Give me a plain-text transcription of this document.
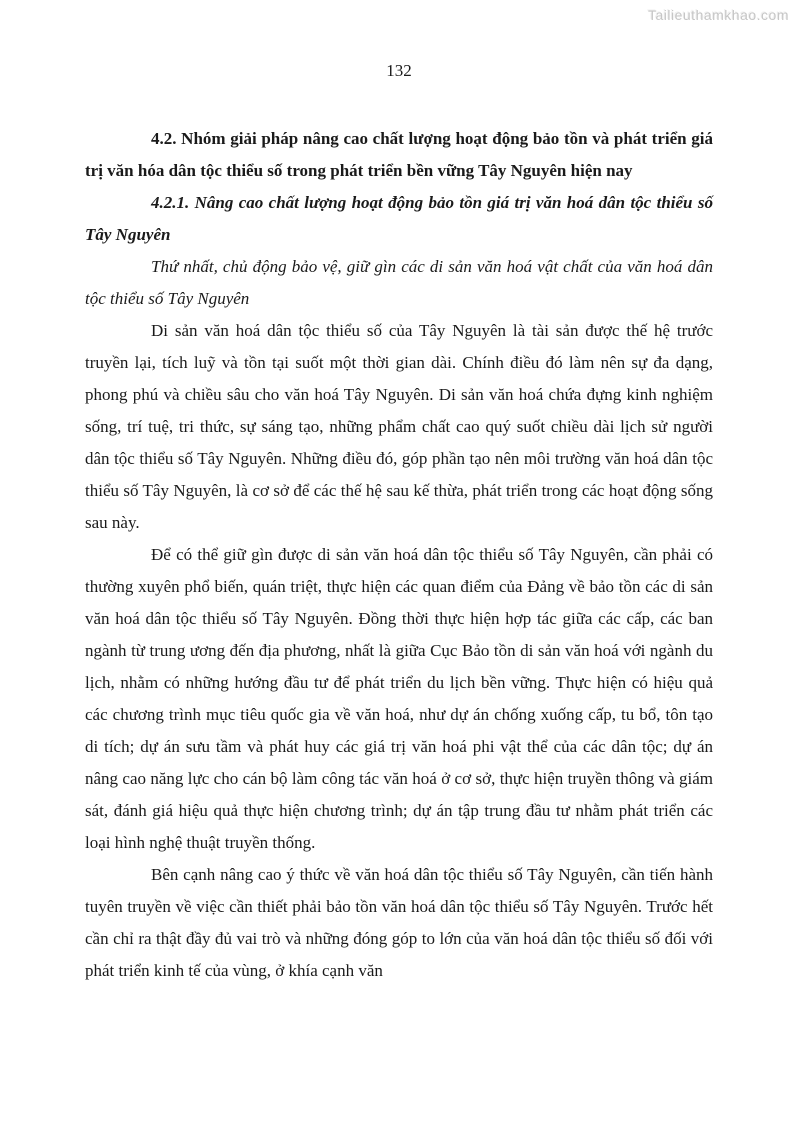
Tailieuthamkhao.com
132

4.2. Nhóm giải pháp nâng cao chất lượng hoạt động bảo tồn và phát triển giá trị văn hóa dân tộc thiểu số trong phát triển bền vững Tây Nguyên hiện nay

4.2.1. Nâng cao chất lượng hoạt động bảo tồn giá trị văn hoá dân tộc thiểu số Tây Nguyên

Thứ nhất, chủ động bảo vệ, giữ gìn các di sản văn hoá vật chất của văn hoá dân tộc thiểu số Tây Nguyên

Di sản văn hoá dân tộc thiểu số của Tây Nguyên là tài sản được thế hệ trước truyền lại, tích luỹ và tồn tại suốt một thời gian dài. Chính điều đó làm nên sự đa dạng, phong phú và chiều sâu cho văn hoá Tây Nguyên. Di sản văn hoá chứa đựng kinh nghiệm sống, trí tuệ, tri thức, sự sáng tạo, những phẩm chất cao quý suốt chiều dài lịch sử người dân tộc thiểu số Tây Nguyên. Những điều đó, góp phần tạo nên môi trường văn hoá dân tộc thiểu số Tây Nguyên, là cơ sở để các thế hệ sau kế thừa, phát triển trong các hoạt động sống sau này.

Để có thể giữ gìn được di sản văn hoá dân tộc thiểu số Tây Nguyên, cần phải có thường xuyên phổ biến, quán triệt, thực hiện các quan điểm của Đảng về bảo tồn các di sản văn hoá dân tộc thiểu số Tây Nguyên. Đồng thời thực hiện hợp tác giữa các cấp, các ban ngành từ trung ương đến địa phương, nhất là giữa Cục Bảo tồn di sản văn hoá với ngành du lịch, nhằm có những hướng đầu tư để phát triển du lịch bền vững. Thực hiện có hiệu quả các chương trình mục tiêu quốc gia về văn hoá, như dự án chống xuống cấp, tu bổ, tôn tạo di tích; dự án sưu tầm và phát huy các giá trị văn hoá phi vật thể của các dân tộc; dự án nâng cao năng lực cho cán bộ làm công tác văn hoá ở cơ sở, thực hiện truyền thông và giám sát, đánh giá hiệu quả thực hiện chương trình; dự án tập trung đầu tư nhằm phát triển các loại hình nghệ thuật truyền thống.

Bên cạnh nâng cao ý thức về văn hoá dân tộc thiểu số Tây Nguyên, cần tiến hành tuyên truyền về việc cần thiết phải bảo tồn văn hoá dân tộc thiểu số Tây Nguyên. Trước hết cần chỉ ra thật đầy đủ vai trò và những đóng góp to lớn của văn hoá dân tộc thiểu số đối với phát triển kinh tế của vùng, ở khía cạnh văn
